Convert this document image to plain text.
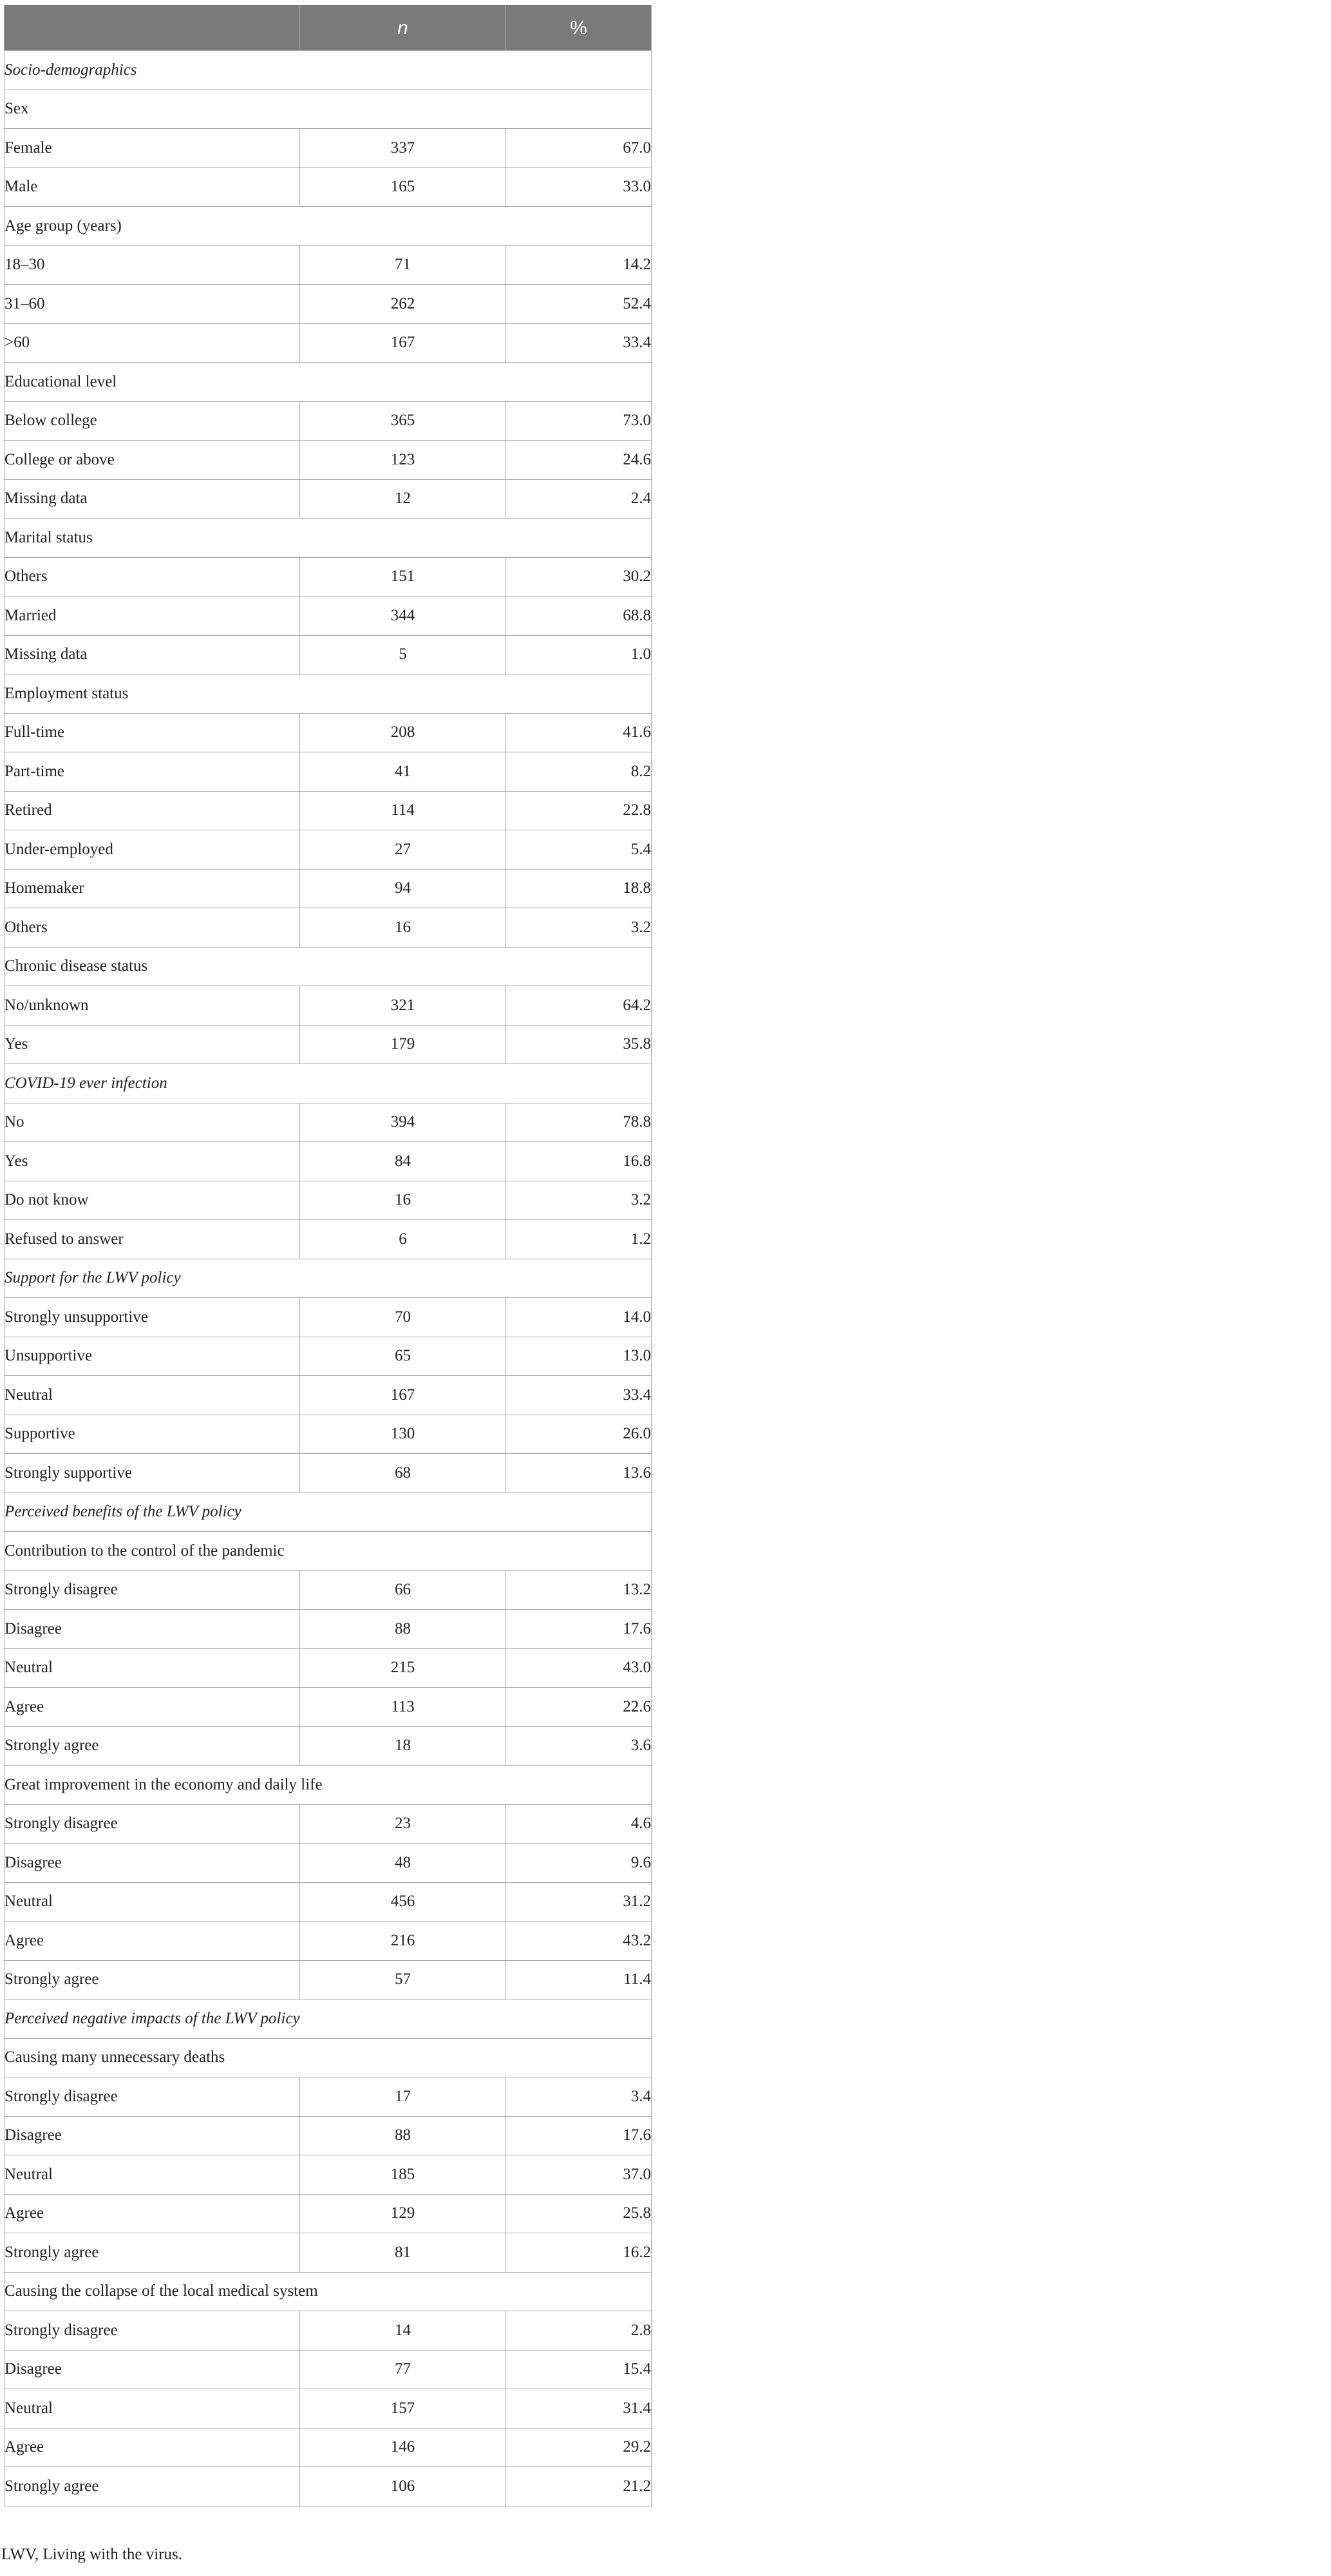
	n	%
Socio-demographics		
Sex		
Female	337	67.0
Male	165	33.0
Age group (years)		
18–30	71	14.2
31–60	262	52.4
>60	167	33.4
Educational level		
Below college	365	73.0
College or above	123	24.6
Missing data	12	2.4
Marital status		
Others	151	30.2
Married	344	68.8
Missing data	5	1.0
Employment status		
Full-time	208	41.6
Part-time	41	8.2
Retired	114	22.8
Under-employed	27	5.4
Homemaker	94	18.8
Others	16	3.2
Chronic disease status		
No/unknown	321	64.2
Yes	179	35.8
COVID-19 ever infection		
No	394	78.8
Yes	84	16.8
Do not know	16	3.2
Refused to answer	6	1.2
Support for the LWV policy		
Strongly unsupportive	70	14.0
Unsupportive	65	13.0
Neutral	167	33.4
Supportive	130	26.0
Strongly supportive	68	13.6
Perceived benefits of the LWV policy		
Contribution to the control of the pandemic		
Strongly disagree	66	13.2
Disagree	88	17.6
Neutral	215	43.0
Agree	113	22.6
Strongly agree	18	3.6
Great improvement in the economy and daily life		
Strongly disagree	23	4.6
Disagree	48	9.6
Neutral	456	31.2
Agree	216	43.2
Strongly agree	57	11.4
Perceived negative impacts of the LWV policy		
Causing many unnecessary deaths		
Strongly disagree	17	3.4
Disagree	88	17.6
Neutral	185	37.0
Agree	129	25.8
Strongly agree	81	16.2
Causing the collapse of the local medical system		
Strongly disagree	14	2.8
Disagree	77	15.4
Neutral	157	31.4
Agree	146	29.2
Strongly agree	106	21.2

LWV, Living with the virus.
